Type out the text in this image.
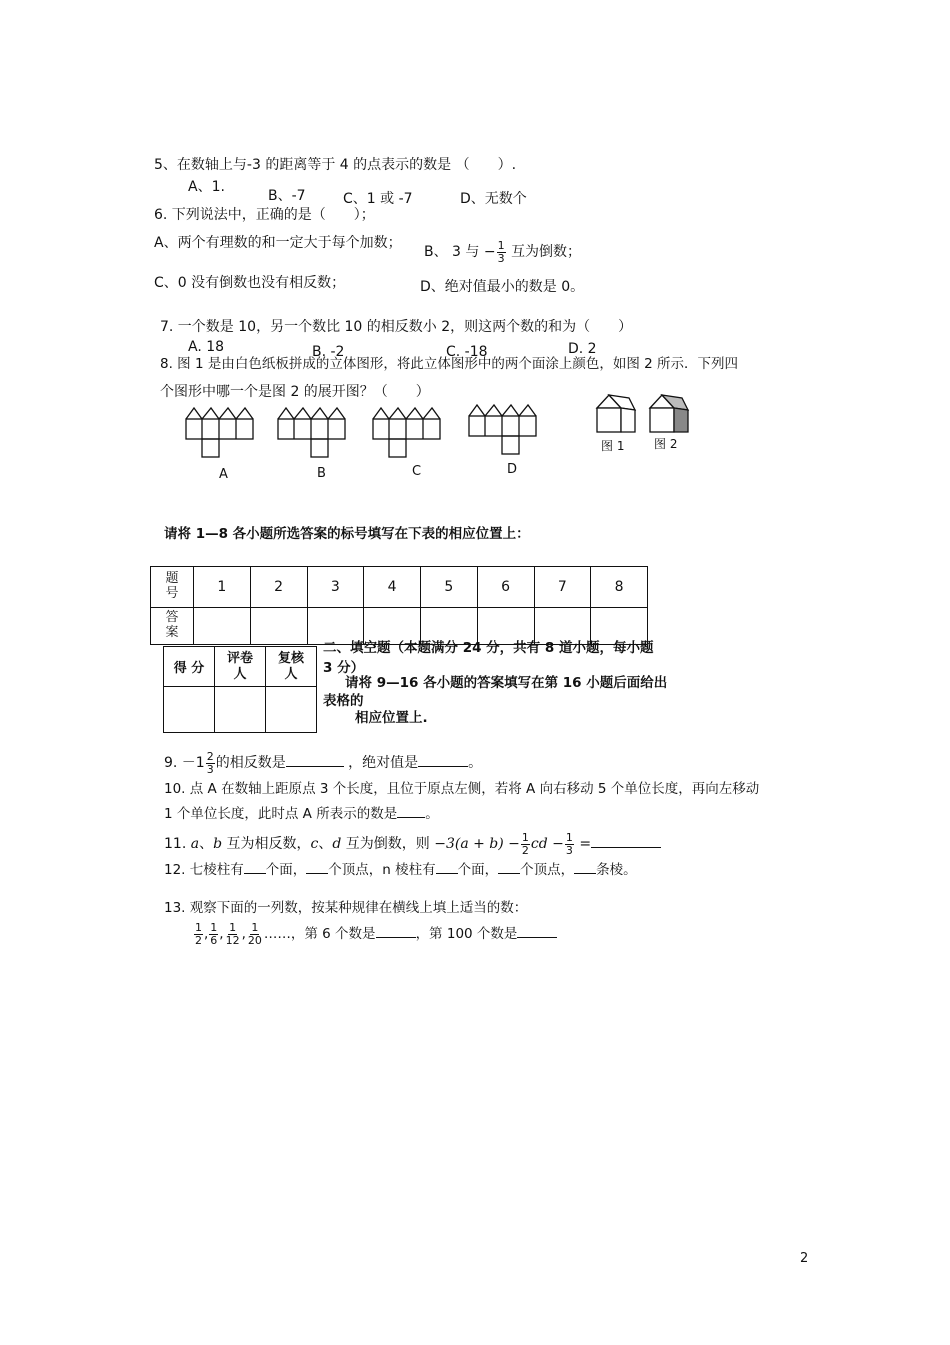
5、在数轴上与-3 的距离等于 4 的点表示的数是 （　　）.
A、1.
B、-7	C、1 或 -7	D、无数个
6. 下列说法中，正确的是（　　）；
A、两个有理数的和一定大于每个加数；
B、 3 与 − $\frac{1}{3}$ 互为倒数；
C、0 没有倒数也没有相反数；	D、绝对值最小的数是 0。
7. 一个数是 10，另一个数比 10 的相反数小 2，则这两个数的和为（　　）
A. 18	B. -2	C. -18	D. 2
8. 图 1 是由白色纸板拼成的立体图形，将此立体图形中的两个面涂上颜色，如图 2 所示．下列四
个图形中哪一个是图 2 的展开图？（　　）
A	B	C	D
图 1 图 2
请将 1—8 各小题所选答案的标号填写在下表的相应位置上：
题
号	1	2	3	4	5	6	7	8
答
案								
得 分	评卷
人	复核
人

二、填空题（本题满分 24 分，共有 8 道小题，每小题
3 分）
请将 9—16 各小题的答案填写在第 16 小题后面给出
表格的
相应位置上.
9. $-1 \frac{2}{3}$ 的相反数是	，绝对值是	。
10. 点 A 在数轴上距原点 3 个长度，且位于原点左侧，若将 A 向右移动 5 个单位长度，再向左移动
1 个单位长度，此时点 A 所表示的数是 。
11. a、b 互为相反数，c、d 互为倒数，则 $-3(a + b) - \frac{1}{2}$ cd − $\frac{1}{3}$ =
12. 七棱柱有 个面， 个顶点，n 棱柱有 个面， 个顶点， 条棱。
13. 观察下面的一列数，按某种规律在横线上填上适当的数：
$\frac{1}{2}$ , $\frac{1}{6}$ , $\frac{1}{12}$ , $\frac{1}{20}$ ……，第 6 个数是	，第 100 个数是
2
